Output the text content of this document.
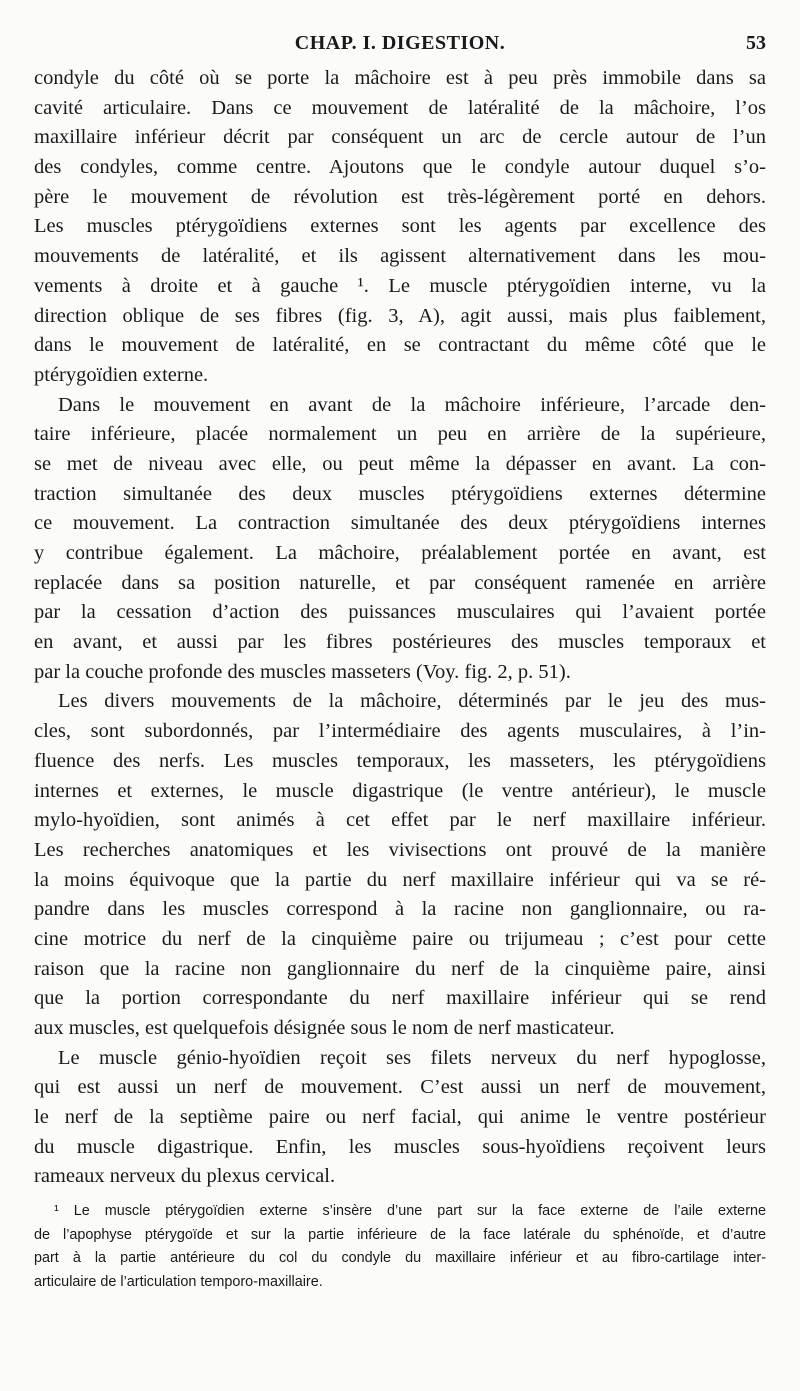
CHAP. I. DIGESTION.	53
condyle du côté où se porte la mâchoire est à peu près immobile dans sa
cavité articulaire. Dans ce mouvement de latéralité de la mâchoire, l’os
maxillaire inférieur décrit par conséquent un arc de cercle autour de l’un
des condyles, comme centre. Ajoutons que le condyle autour duquel s’o-
père le mouvement de révolution est très-légèrement porté en dehors.
Les muscles ptérygoïdiens externes sont les agents par excellence des
mouvements de latéralité, et ils agissent alternativement dans les mou-
vements à droite et à gauche ¹. Le muscle ptérygoïdien interne, vu la
direction oblique de ses fibres (fig. 3, A), agit aussi, mais plus faiblement,
dans le mouvement de latéralité, en se contractant du même côté que le
ptérygoïdien externe.
Dans le mouvement en avant de la mâchoire inférieure, l’arcade den-
taire inférieure, placée normalement un peu en arrière de la supérieure,
se met de niveau avec elle, ou peut même la dépasser en avant. La con-
traction simultanée des deux muscles ptérygoïdiens externes détermine
ce mouvement. La contraction simultanée des deux ptérygoïdiens internes
y contribue également. La mâchoire, préalablement portée en avant, est
replacée dans sa position naturelle, et par conséquent ramenée en arrière
par la cessation d’action des puissances musculaires qui l’avaient portée
en avant, et aussi par les fibres postérieures des muscles temporaux et
par la couche profonde des muscles masseters (Voy. fig. 2, p. 51).
Les divers mouvements de la mâchoire, déterminés par le jeu des mus-
cles, sont subordonnés, par l’intermédiaire des agents musculaires, à l’in-
fluence des nerfs. Les muscles temporaux, les masseters, les ptérygoïdiens
internes et externes, le muscle digastrique (le ventre antérieur), le muscle
mylo-hyoïdien, sont animés à cet effet par le nerf maxillaire inférieur.
Les recherches anatomiques et les vivisections ont prouvé de la manière
la moins équivoque que la partie du nerf maxillaire inférieur qui va se ré-
pandre dans les muscles correspond à la racine non ganglionnaire, ou ra-
cine motrice du nerf de la cinquième paire ou trijumeau ; c’est pour cette
raison que la racine non ganglionnaire du nerf de la cinquième paire, ainsi
que la portion correspondante du nerf maxillaire inférieur qui se rend
aux muscles, est quelquefois désignée sous le nom de nerf masticateur.
Le muscle génio-hyoïdien reçoit ses filets nerveux du nerf hypoglosse,
qui est aussi un nerf de mouvement. C’est aussi un nerf de mouvement,
le nerf de la septième paire ou nerf facial, qui anime le ventre postérieur
du muscle digastrique. Enfin, les muscles sous-hyoïdiens reçoivent leurs
rameaux nerveux du plexus cervical.
¹ Le muscle ptérygoïdien externe s’insère d’une part sur la face externe de l’aile externe
de l’apophyse ptérygoïde et sur la partie inférieure de la face latérale du sphénoïde, et d’autre
part à la partie antérieure du col du condyle du maxillaire inférieur et au fibro-cartilage inter-
articulaire de l’articulation temporo-maxillaire.
